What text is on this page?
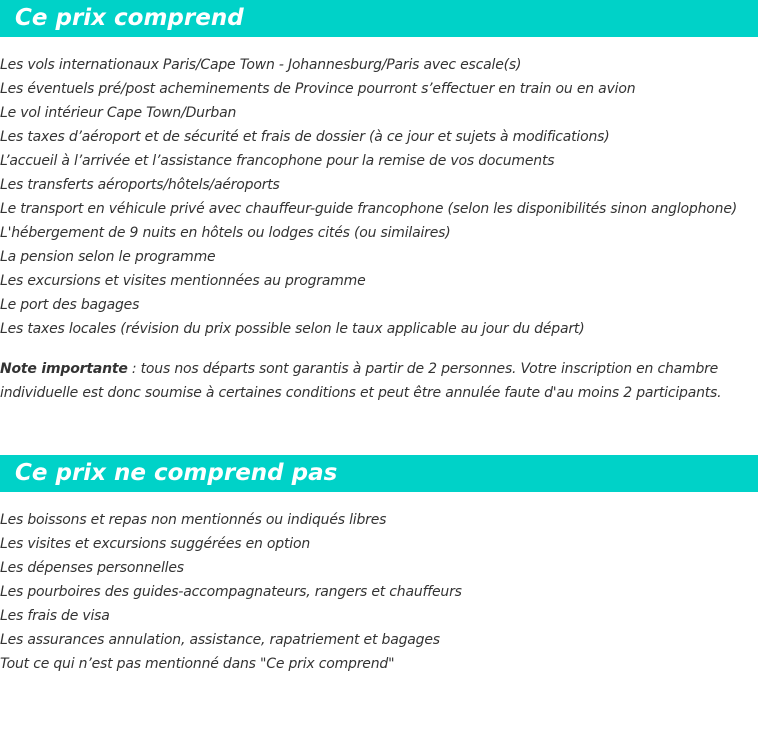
Ce prix comprend
Les vols internationaux Paris/Cape Town - Johannesburg/Paris avec escale(s)
Les éventuels pré/post acheminements de Province pourront s’effectuer en train ou en avion
Le vol intérieur Cape Town/Durban
Les taxes d’aéroport et de sécurité et frais de dossier (à ce jour et sujets à modifications)
L’accueil à l’arrivée et l’assistance francophone pour la remise de vos documents
Les transferts aéroports/hôtels/aéroports
Le transport en véhicule privé avec chauffeur-guide francophone (selon les disponibilités sinon anglophone)
L'hébergement de 9 nuits en hôtels ou lodges cités (ou similaires)
La pension selon le programme
Les excursions et visites mentionnées au programme
Le port des bagages
Les taxes locales (révision du prix possible selon le taux applicable au jour du départ)

Note importante : tous nos départs sont garantis à partir de 2 personnes. Votre inscription en chambre individuelle est donc soumise à certaines conditions et peut être annulée faute d'au moins 2 participants.

Ce prix ne comprend pas
Les boissons et repas non mentionnés ou indiqués libres
Les visites et excursions suggérées en option
Les dépenses personnelles
Les pourboires des guides-accompagnateurs, rangers et chauffeurs
Les frais de visa
Les assurances annulation, assistance, rapatriement et bagages
Tout ce qui n’est pas mentionné dans "Ce prix comprend"
